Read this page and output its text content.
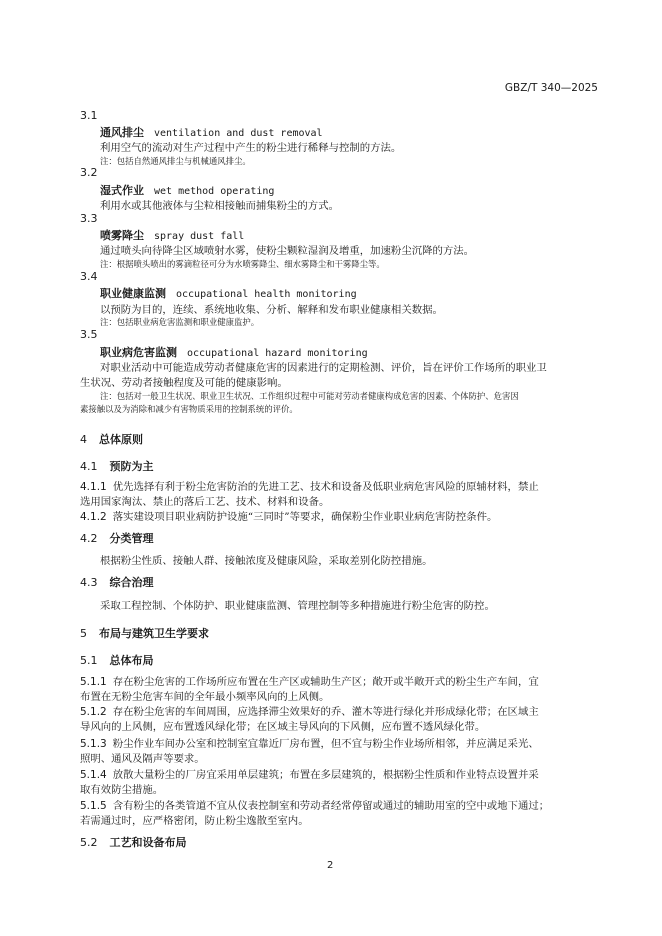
GBZ/T 340—2025
3.1
通风排尘 ventilation and dust removal
利用空气的流动对生产过程中产生的粉尘进行稀释与控制的方法。
注：包括自然通风排尘与机械通风排尘。
3.2
湿式作业 wet method operating
利用水或其他液体与尘粒相接触而捕集粉尘的方式。
3.3
喷雾降尘 spray dust fall
通过喷头向待降尘区域喷射水雾，使粉尘颗粒湿润及增重，加速粉尘沉降的方法。
注：根据喷头喷出的雾滴粒径可分为水喷雾降尘、细水雾降尘和干雾降尘等。
3.4
职业健康监测 occupational health monitoring
以预防为目的，连续、系统地收集、分析、解释和发布职业健康相关数据。
注：包括职业病危害监测和职业健康监护。
3.5
职业病危害监测 occupational hazard monitoring
对职业活动中可能造成劳动者健康危害的因素进行的定期检测、评价，旨在评价工作场所的职业卫
生状况、劳动者接触程度及可能的健康影响。
注：包括对一般卫生状况、职业卫生状况、工作组织过程中可能对劳动者健康构成危害的因素、个体防护、危害因
素接触以及为消除和减少有害物质采用的控制系统的评价。
4 总体原则
4.1 预防为主
4.1.1 优先选择有利于粉尘危害防治的先进工艺、技术和设备及低职业病危害风险的原辅材料，禁止
选用国家淘汰、禁止的落后工艺、技术、材料和设备。
4.1.2 落实建设项目职业病防护设施“三同时”等要求，确保粉尘作业职业病危害防控条件。
4.2 分类管理
根据粉尘性质、接触人群、接触浓度及健康风险，采取差别化防控措施。
4.3 综合治理
采取工程控制、个体防护、职业健康监测、管理控制等多种措施进行粉尘危害的防控。
5 布局与建筑卫生学要求
5.1 总体布局
5.1.1 存在粉尘危害的工作场所应布置在生产区或辅助生产区；敞开或半敞开式的粉尘生产车间，宜
布置在无粉尘危害车间的全年最小频率风向的上风侧。
5.1.2 存在粉尘危害的车间周围，应选择滞尘效果好的乔、灌木等进行绿化并形成绿化带；在区域主
导风向的上风侧，应布置透风绿化带；在区域主导风向的下风侧，应布置不透风绿化带。
5.1.3 粉尘作业车间办公室和控制室宜靠近厂房布置，但不宜与粉尘作业场所相邻，并应满足采光、
照明、通风及隔声等要求。
5.1.4 放散大量粉尘的厂房宜采用单层建筑；布置在多层建筑的，根据粉尘性质和作业特点设置并采
取有效防尘措施。
5.1.5 含有粉尘的各类管道不宜从仪表控制室和劳动者经常停留或通过的辅助用室的空中或地下通过；
若需通过时，应严格密闭，防止粉尘逸散至室内。
5.2 工艺和设备布局
2
